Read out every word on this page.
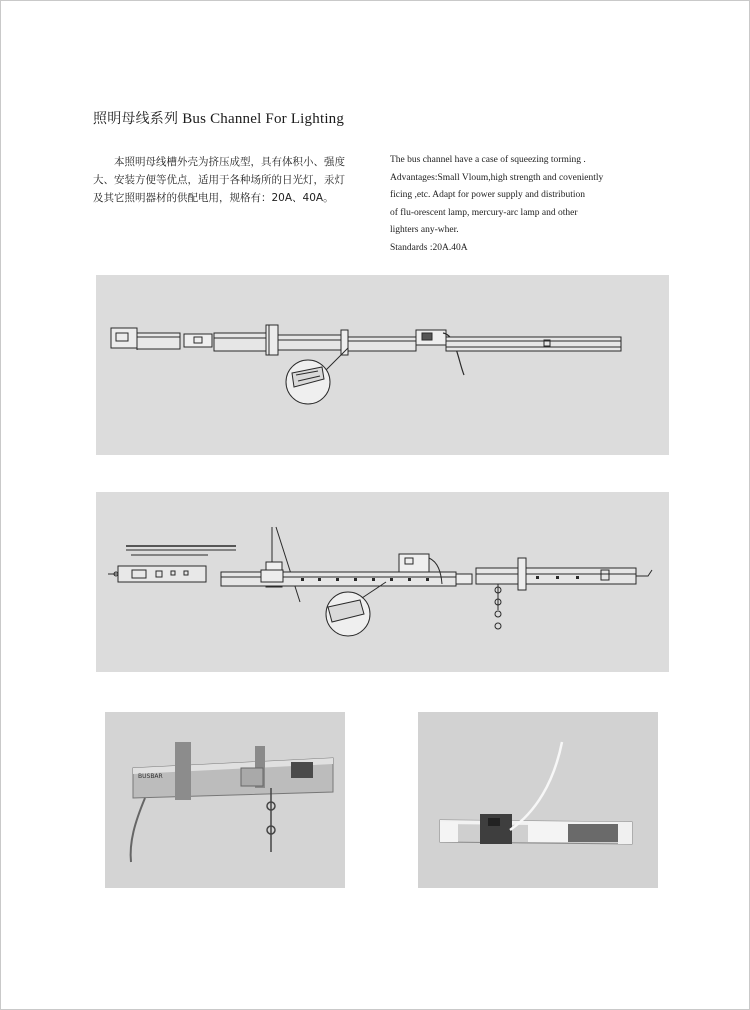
照明母线系列 Bus Channel For Lighting

本照明母线槽外壳为挤压成型，具有体积小、强度大、安装方便等优点，适用于各种场所的日光灯，汞灯及其它照明器材的供配电用，规格有：20A、40A。

The bus channel have a case of squeezing torming .

Advantages:Small Vloum,high strength and coveniently

ficing ,etc. Adapt for power supply and distribution

of flu-orescent lamp, mercury-arc lamp and other

lighters any-wher.

Standards :20A.40A

BUSBAR
